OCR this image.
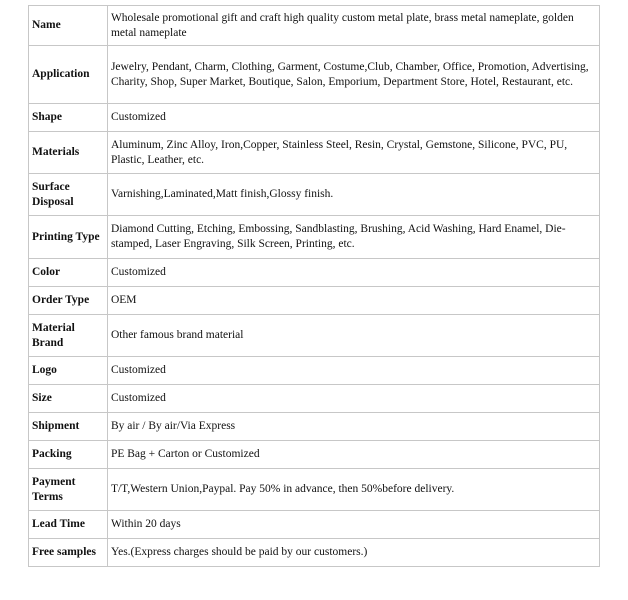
Name	Wholesale promotional gift and craft high quality custom metal plate, brass metal nameplate, golden metal nameplate
Application	Jewelry, Pendant, Charm, Clothing, Garment, Costume,Club, Chamber, Office, Promotion, Advertising, Charity, Shop, Super Market, Boutique, Salon, Emporium, Department Store, Hotel, Restaurant, etc.
Shape	Customized
Materials	Aluminum, Zinc Alloy, Iron,Copper, Stainless Steel, Resin, Crystal, Gemstone, Silicone, PVC, PU, Plastic, Leather, etc.
Surface Disposal	Varnishing,Laminated,Matt finish,Glossy finish.
Printing Type	Diamond Cutting, Etching, Embossing, Sandblasting, Brushing, Acid Washing, Hard Enamel, Die-stamped, Laser Engraving, Silk Screen, Printing, etc.
Color	Customized
Order Type	OEM
Material Brand	Other famous brand material
Logo	Customized
Size	Customized
Shipment	By air / By air/Via Express
Packing	PE Bag + Carton or Customized
Payment Terms	T/T,Western Union,Paypal. Pay 50% in advance, then 50%before delivery.
Lead Time	Within 20 days
Free samples	Yes.(Express charges should be paid by our customers.)
